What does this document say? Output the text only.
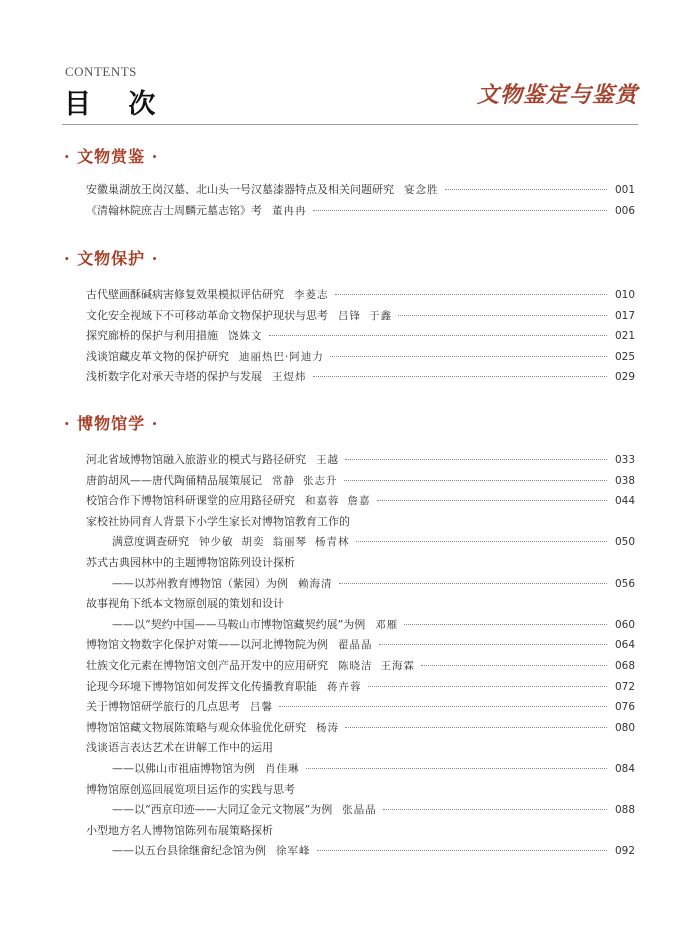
CONTENTS
目 次	文物鉴定与鉴赏
· 文物赏鉴 ·
安徽巢湖放王岗汉墓、北山头一号汉墓漆器特点及相关问题研究 宴念胜	001
《清翰林院庶吉士周麟元墓志铭》考 董冉冉	006
· 文物保护 ·
古代壁画酥碱病害修复效果模拟评估研究 李菱志	010
文化安全视域下不可移动革命文物保护现状与思考 吕锋 于鑫	017
探究廊桥的保护与利用措施 饶姝文	021
浅谈馆藏皮革文物的保护研究 迪丽热巴·阿迪力	025
浅析数字化对承天寺塔的保护与发展 王煜炜	029
· 博物馆学 ·
河北省域博物馆融入旅游业的模式与路径研究 王越	033
唐韵胡风——唐代陶俑精品展策展记 常静 张志升	038
校馆合作下博物馆科研课堂的应用路径研究 和嘉蓉 詹嘉	044
家校社协同育人背景下小学生家长对博物馆教育工作的
满意度调查研究 钟少敏 胡奕 翁丽琴 杨青林	050
苏式古典园林中的主题博物馆陈列设计探析
——以苏州教育博物馆（紫园）为例 赖海清	056
故事视角下纸本文物原创展的策划和设计
——以“契约中国——马鞍山市博物馆藏契约展”为例 邓雁	060
博物馆文物数字化保护对策——以河北博物院为例 翟晶晶	064
壮族文化元素在博物馆文创产品开发中的应用研究 陈晓洁 王海霖	068
论现今环境下博物馆如何发挥文化传播教育职能 蒋卉蓉	072
关于博物馆研学旅行的几点思考 吕馨	076
博物馆馆藏文物展陈策略与观众体验优化研究 杨涛	080
浅谈语言表达艺术在讲解工作中的运用
——以佛山市祖庙博物馆为例 肖佳琳	084
博物馆原创巡回展览项目运作的实践与思考
——以“西京印迹——大同辽金元文物展”为例 张晶晶	088
小型地方名人博物馆陈列布展策略探析
——以五台县徐继畲纪念馆为例 徐军峰	092
